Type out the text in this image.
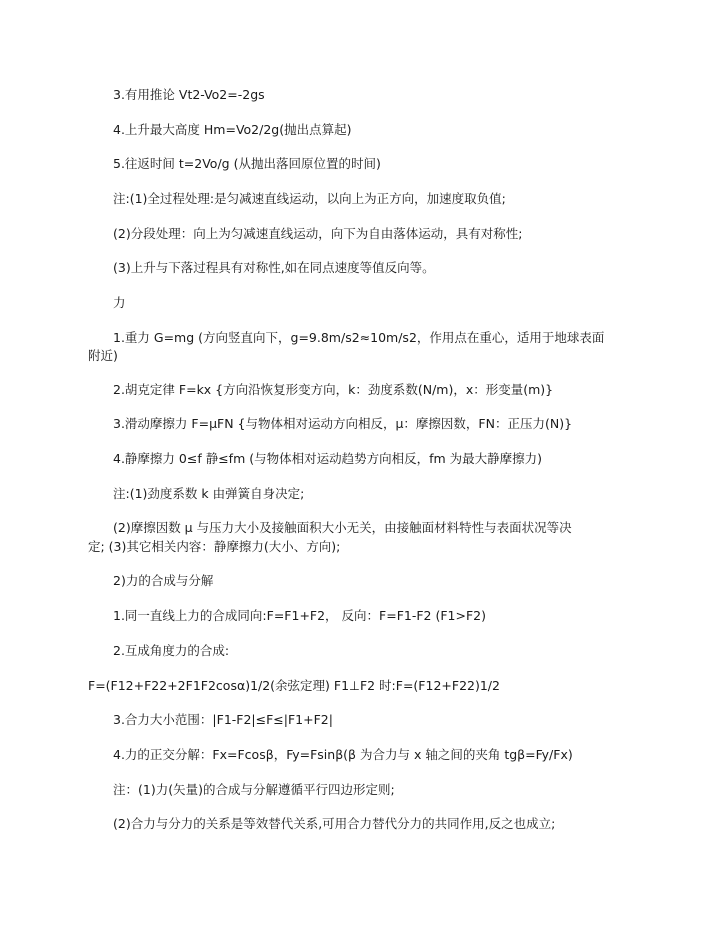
3.有用推论 Vt2-Vo2=-2gs
4.上升最大高度 Hm=Vo2/2g(抛出点算起)
5.往返时间 t=2Vo/g (从抛出落回原位置的时间)
注:(1)全过程处理:是匀减速直线运动，以向上为正方向，加速度取负值;
(2)分段处理：向上为匀减速直线运动，向下为自由落体运动，具有对称性;
(3)上升与下落过程具有对称性,如在同点速度等值反向等。
力
1.重力 G=mg (方向竖直向下，g=9.8m/s2≈10m/s2，作用点在重心，适用于地球表面
附近)
2.胡克定律 F=kx {方向沿恢复形变方向，k：劲度系数(N/m)，x：形变量(m)}
3.滑动摩擦力 F=μFN {与物体相对运动方向相反，μ：摩擦因数，FN：正压力(N)}
4.静摩擦力 0≤f 静≤fm (与物体相对运动趋势方向相反，fm 为最大静摩擦力)
注:(1)劲度系数 k 由弹簧自身决定;
(2)摩擦因数 μ 与压力大小及接触面积大小无关，由接触面材料特性与表面状况等决
定; (3)其它相关内容：静摩擦力(大小、方向);
2)力的合成与分解
1.同一直线上力的合成同向:F=F1+F2， 反向：F=F1-F2 (F1>F2)
2.互成角度力的合成:
F=(F12+F22+2F1F2cosα)1/2(余弦定理) F1⊥F2 时:F=(F12+F22)1/2
3.合力大小范围：|F1-F2|≤F≤|F1+F2|
4.力的正交分解：Fx=Fcosβ，Fy=Fsinβ(β 为合力与 x 轴之间的夹角 tgβ=Fy/Fx)
注：(1)力(矢量)的合成与分解遵循平行四边形定则;
(2)合力与分力的关系是等效替代关系,可用合力替代分力的共同作用,反之也成立;
